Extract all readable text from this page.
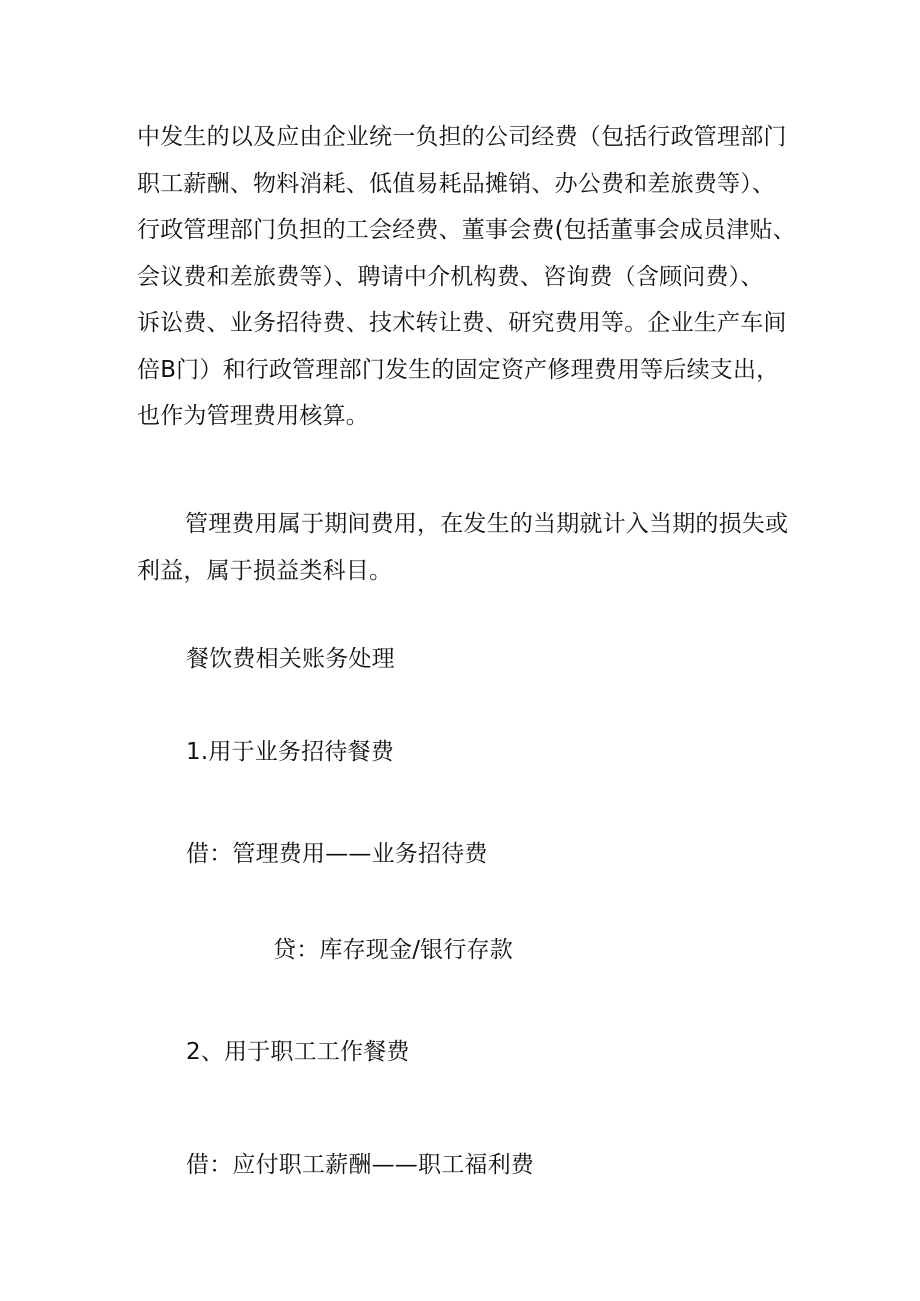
中发生的以及应由企业统一负担的公司经费（包括行政管理部门
职工薪酬、物料消耗、低值易耗品摊销、办公费和差旅费等）、
行政管理部门负担的工会经费、董事会费(包括董事会成员津贴、
会议费和差旅费等）、聘请中介机构费、咨询费（含顾问费）、
诉讼费、业务招待费、技术转让费、研究费用等。企业生产车间
倍B门）和行政管理部门发生的固定资产修理费用等后续支出，
也作为管理费用核算。
管理费用属于期间费用，在发生的当期就计入当期的损失或
利益，属于损益类科目。
餐饮费相关账务处理
1.用于业务招待餐费
借：管理费用——业务招待费
贷：库存现金/银行存款
2、用于职工工作餐费
借：应付职工薪酬——职工福利费
